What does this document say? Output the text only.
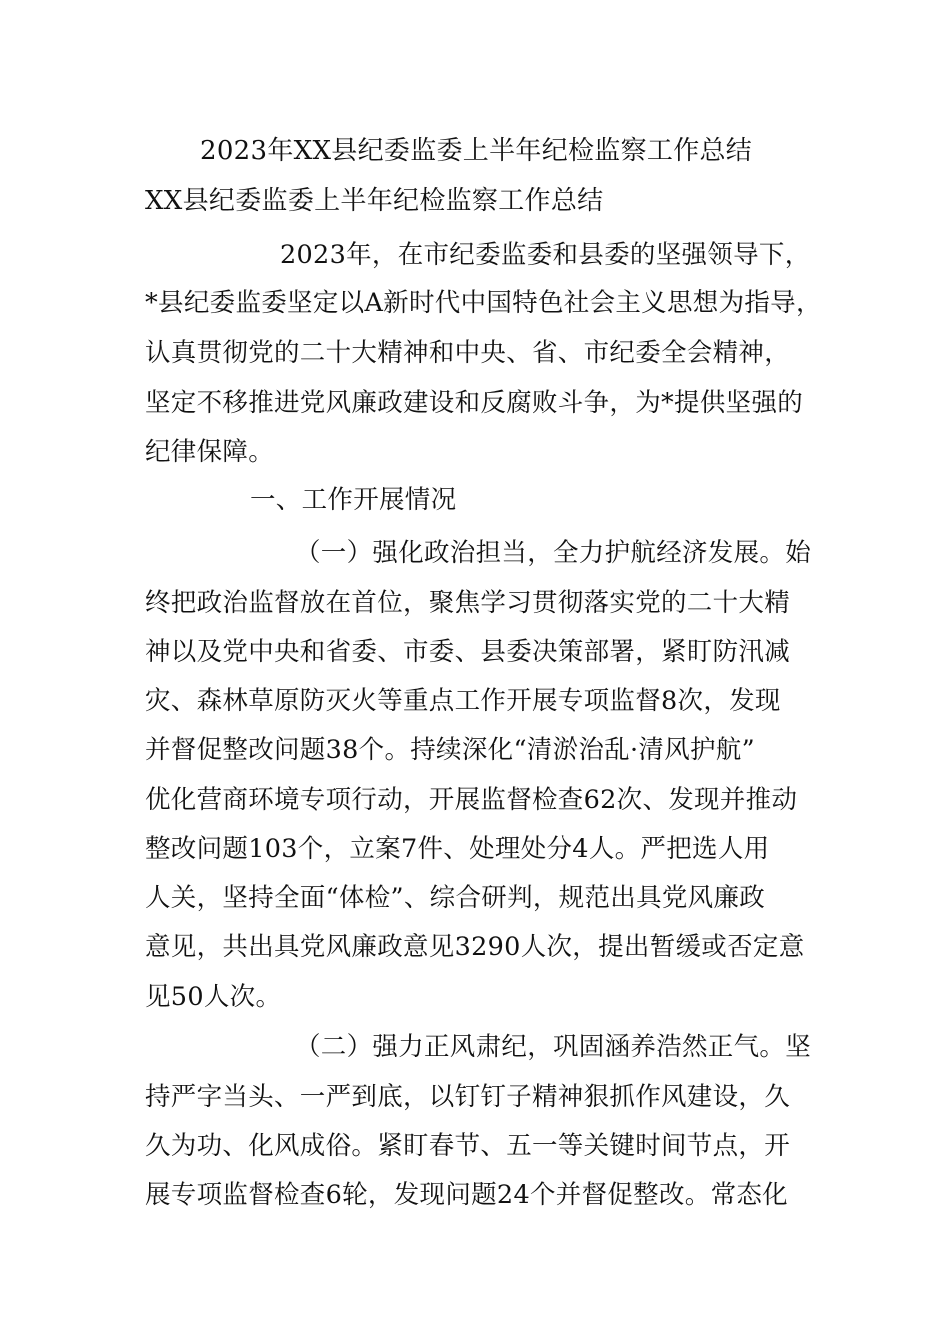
2023年XX县纪委监委上半年纪检监察工作总结
XX县纪委监委上半年纪检监察工作总结
2023年，在市纪委监委和县委的坚强领导下，
*县纪委监委坚定以A新时代中国特色社会主义思想为指导，
认真贯彻党的二十大精神和中央、省、市纪委全会精神，
坚定不移推进党风廉政建设和反腐败斗争，为*提供坚强的
纪律保障。
一、工作开展情况
（一）强化政治担当，全力护航经济发展。始
终把政治监督放在首位，聚焦学习贯彻落实党的二十大精
神以及党中央和省委、市委、县委决策部署，紧盯防汛减
灾、森林草原防灭火等重点工作开展专项监督8次，发现
并督促整改问题38个。持续深化“清淤治乱·清风护航”
优化营商环境专项行动，开展监督检查62次、发现并推动
整改问题103个，立案7件、处理处分4人。严把选人用
人关，坚持全面“体检”、综合研判，规范出具党风廉政
意见，共出具党风廉政意见3290人次，提出暂缓或否定意
见50人次。
（二）强力正风肃纪，巩固涵养浩然正气。坚
持严字当头、一严到底，以钉钉子精神狠抓作风建设，久
久为功、化风成俗。紧盯春节、五一等关键时间节点，开
展专项监督检查6轮，发现问题24个并督促整改。常态化
